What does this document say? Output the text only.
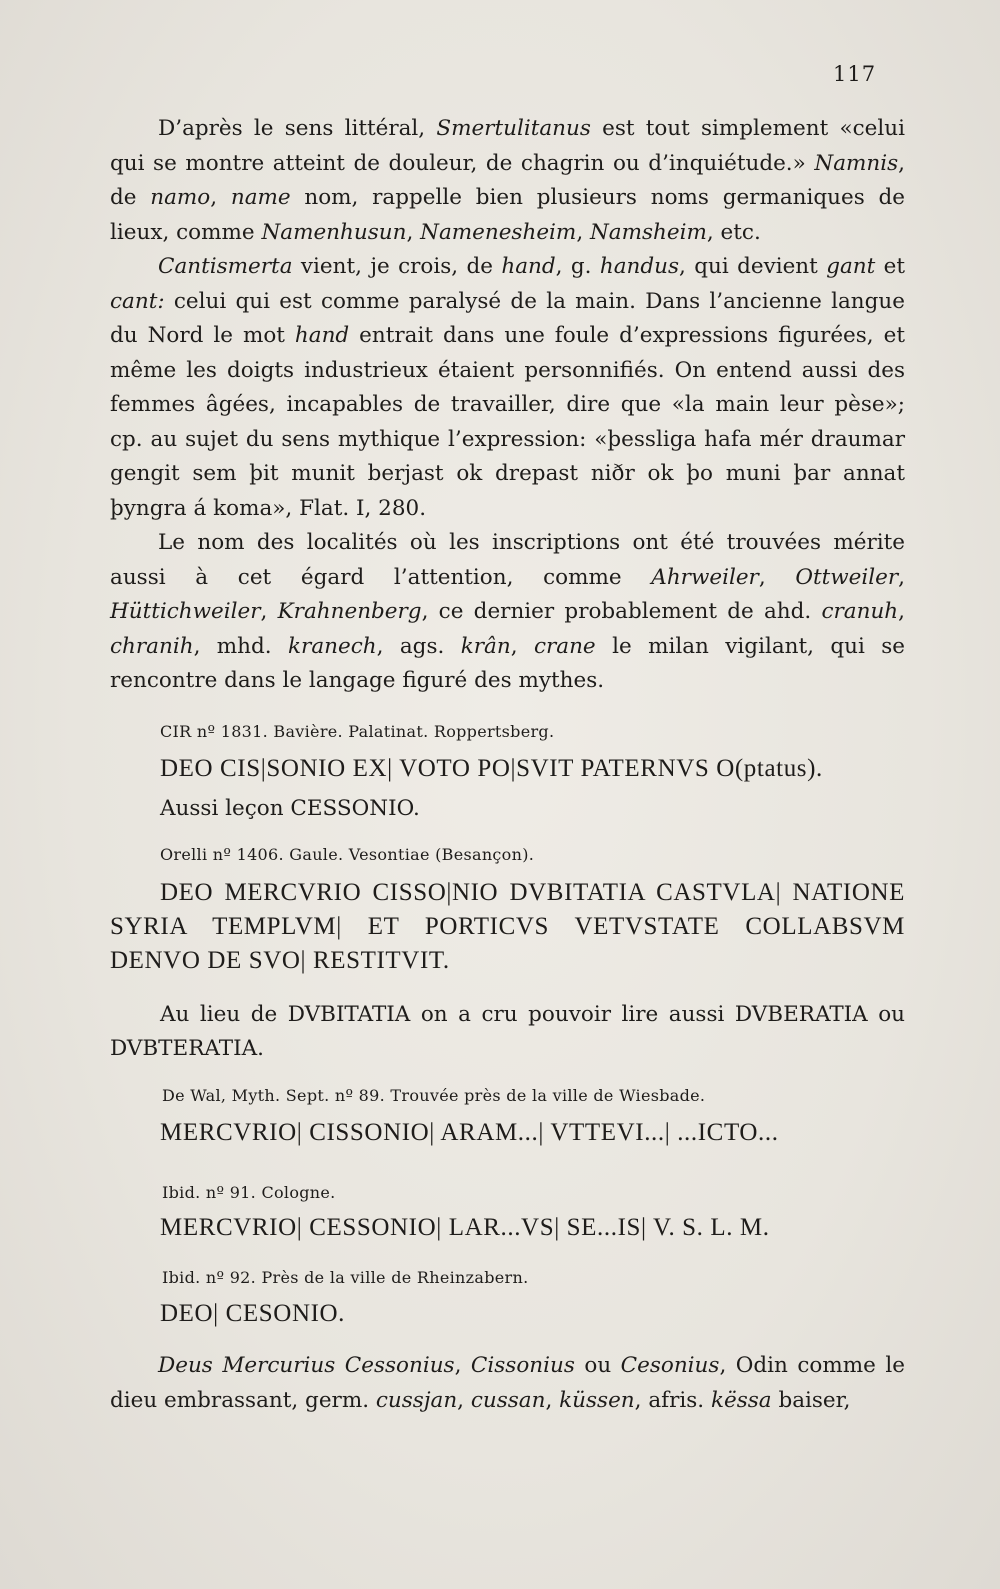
117

D’après le sens littéral, Smertulitanus est tout simplement «celui qui se montre atteint de douleur, de chagrin ou d’inquiétude.» Namnis, de namo, name nom, rappelle bien plusieurs noms germaniques de lieux, comme Namenhusun, Namenesheim, Namsheim, etc.

Cantismerta vient, je crois, de hand, g. handus, qui devient gant et cant: celui qui est comme paralysé de la main. Dans l’ancienne langue du Nord le mot hand entrait dans une foule d’expressions figurées, et même les doigts industrieux étaient personnifiés. On entend aussi des femmes âgées, incapables de travailler, dire que «la main leur pèse»; cp. au sujet du sens mythique l’expression: «þessliga hafa mér draumar gengit sem þit munit berjast ok drepast niðr ok þo muni þar annat þyngra á koma», Flat. I, 280.

Le nom des localités où les inscriptions ont été trouvées mérite aussi à cet égard l’attention, comme Ahrweiler, Ottweiler, Hüttichweiler, Krahnenberg, ce dernier probablement de ahd. cranuh, chranih, mhd. kranech, ags. krân, crane le milan vigilant, qui se rencontre dans le langage figuré des mythes.

CIR nº 1831. Bavière. Palatinat. Roppertsberg.
DEO CIS|SONIO EX| VOTO PO|SVIT PATERNVS O(ptatus).
Aussi leçon CESSONIO.
Orelli nº 1406. Gaule. Vesontiae (Besançon).
DEO MERCVRIO CISSO|NIO DVBITATIA CASTVLA| NATIONE SYRIA TEMPLVM| ET PORTICVS VETVSTATE COLLABSVM DENVO DE SVO| RESTITVIT.
Au lieu de DVBITATIA on a cru pouvoir lire aussi DVBERATIA ou DVBTERATIA.
De Wal, Myth. Sept. nº 89. Trouvée près de la ville de Wiesbade.
MERCVRIO| CISSONIO| ARAM...| VTTEVI...| ...ICTO...
Ibid. nº 91. Cologne.
MERCVRIO| CESSONIO| LAR...VS| SE...IS| V. S. L. M.
Ibid. nº 92. Près de la ville de Rheinzabern.
DEO| CESONIO.

Deus Mercurius Cessonius, Cissonius ou Cesonius, Odin comme le dieu embrassant, germ. cussjan, cussan, küssen, afris. këssa baiser,
